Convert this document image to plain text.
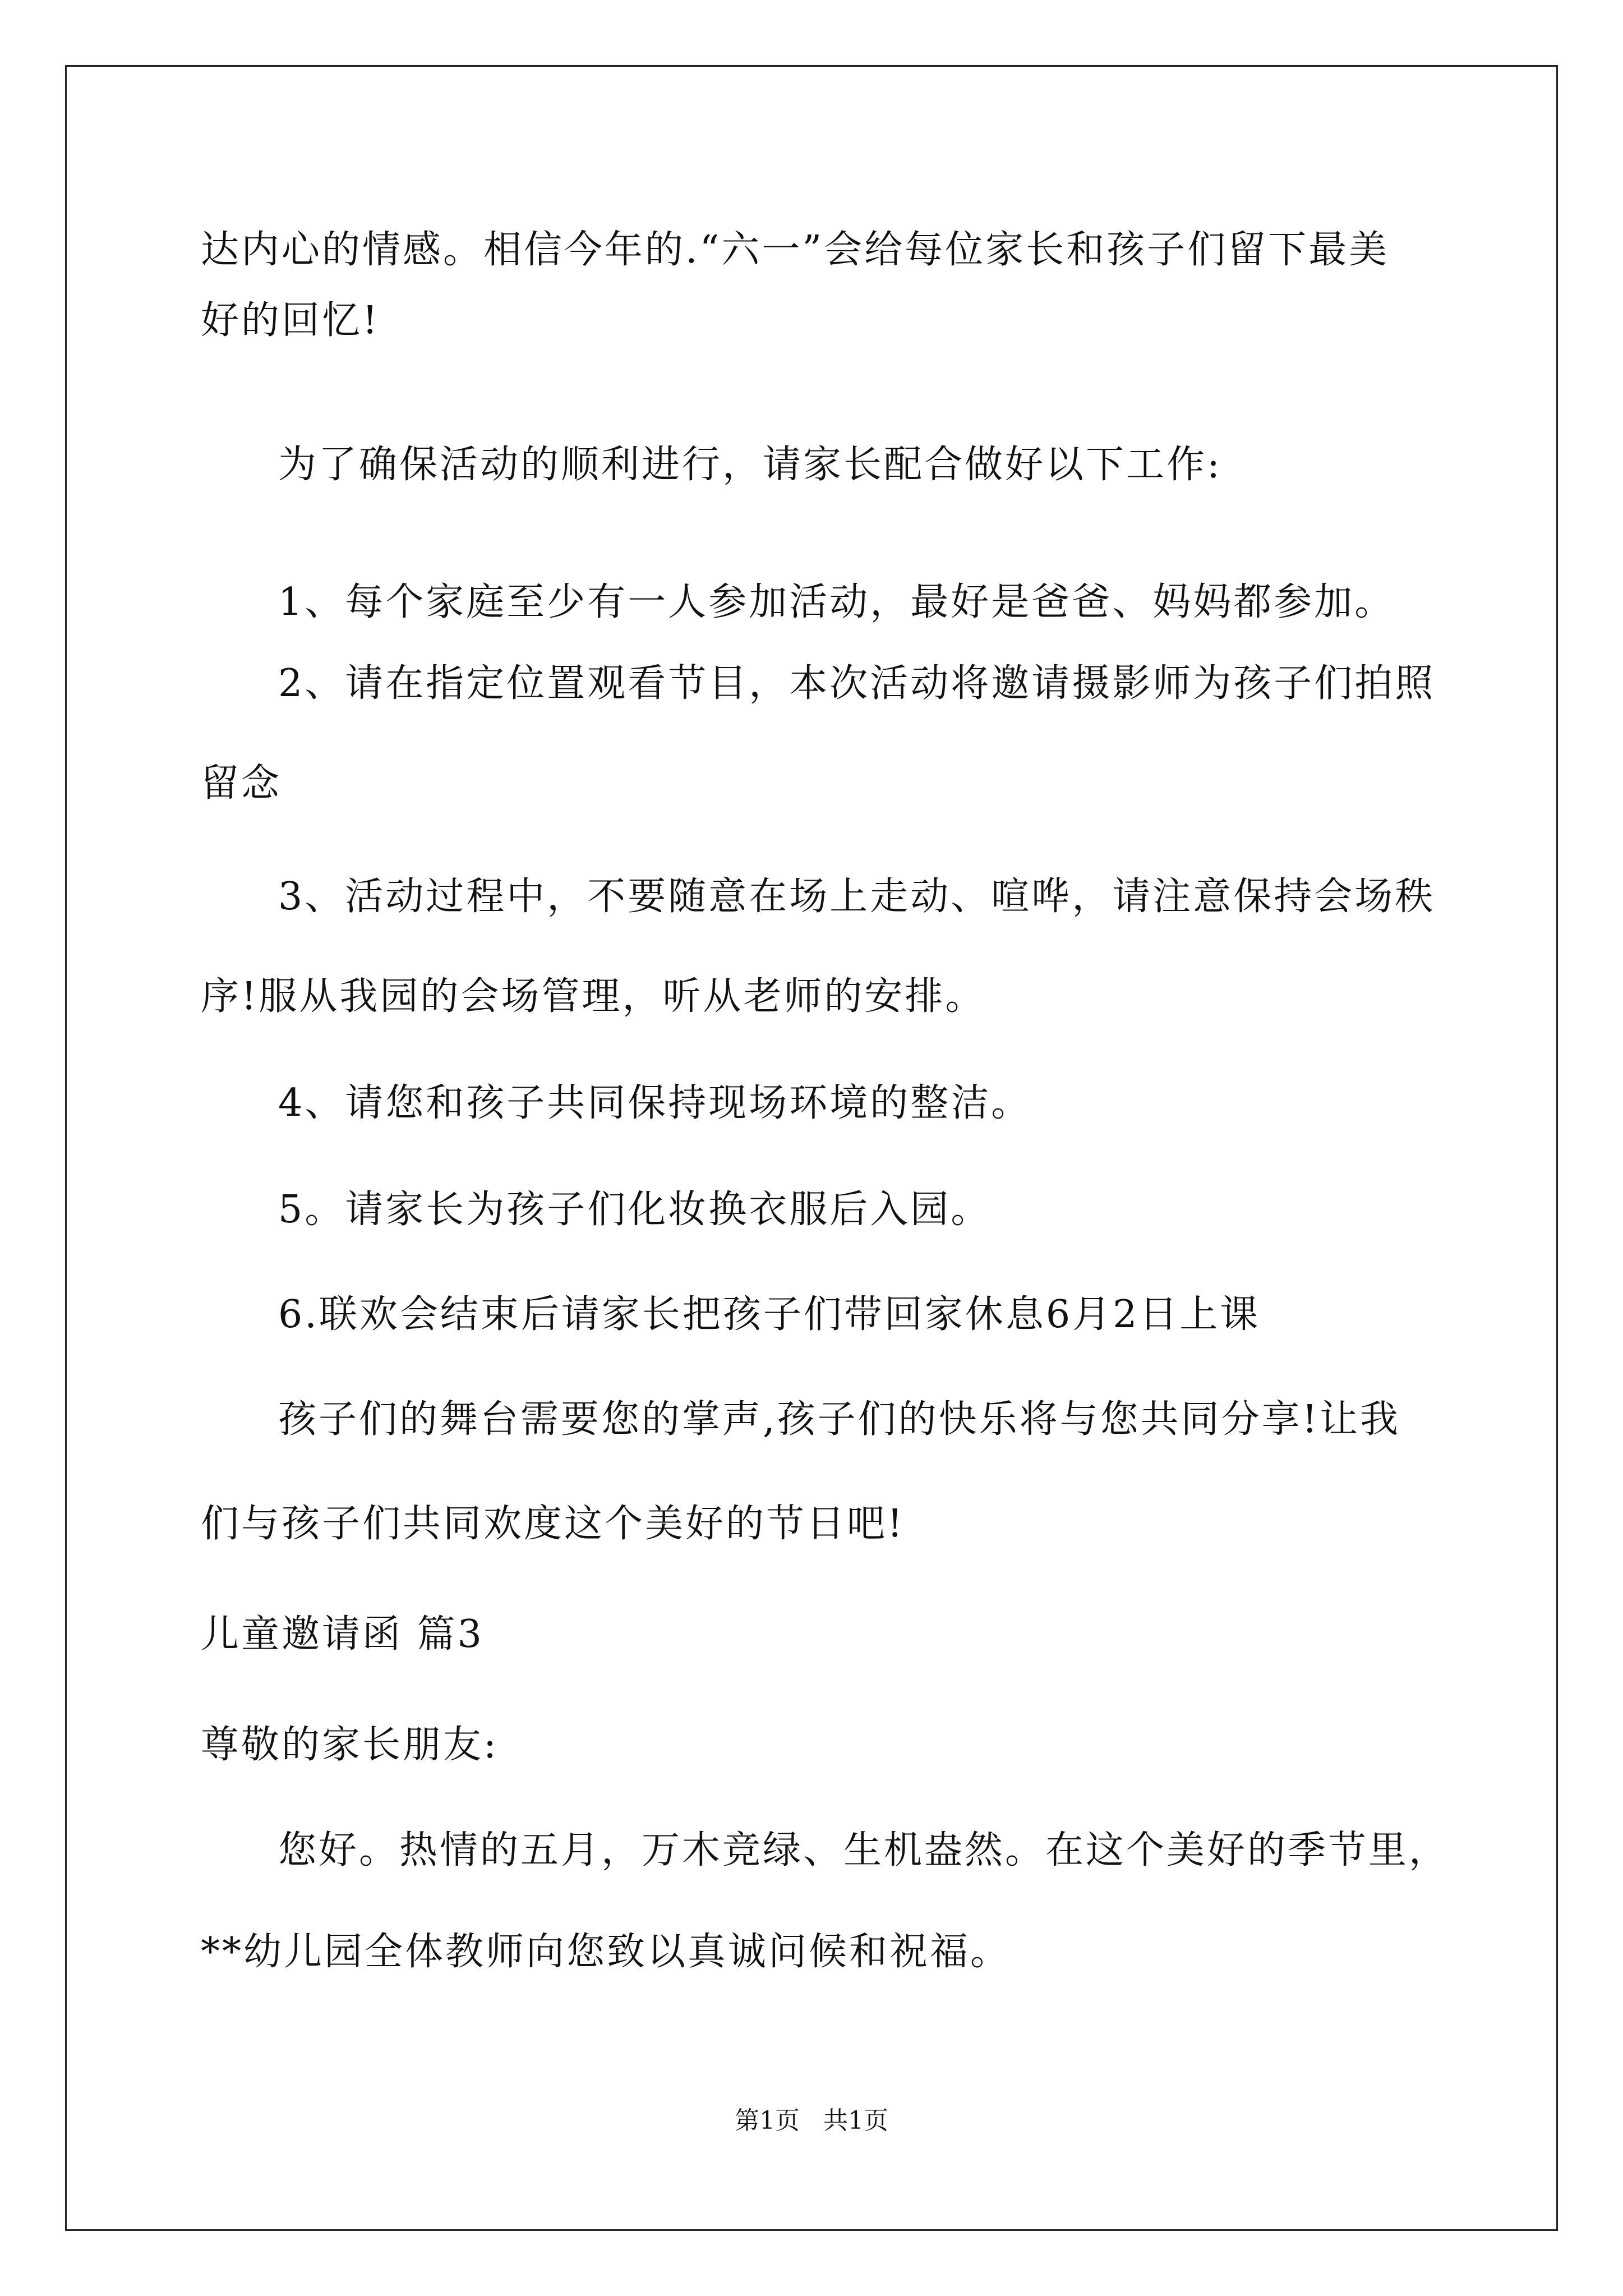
达内心的情感。相信今年的.“六一”会给每位家长和孩子们留下最美
好的回忆!
为了确保活动的顺利进行，请家长配合做好以下工作:
1、每个家庭至少有一人参加活动，最好是爸爸、妈妈都参加。
2、请在指定位置观看节目，本次活动将邀请摄影师为孩子们拍照
留念
3、活动过程中，不要随意在场上走动、喧哗，请注意保持会场秩
序!服从我园的会场管理，听从老师的安排。
4、请您和孩子共同保持现场环境的整洁。
5。请家长为孩子们化妆换衣服后入园。
6.联欢会结束后请家长把孩子们带回家休息6月2日上课
孩子们的舞台需要您的掌声,孩子们的快乐将与您共同分享!让我
们与孩子们共同欢度这个美好的节日吧!
儿童邀请函 篇3
尊敬的家长朋友:
您好。热情的五月，万木竞绿、生机盎然。在这个美好的季节里，
**幼儿园全体教师向您致以真诚问候和祝福。
第1页   共1页
